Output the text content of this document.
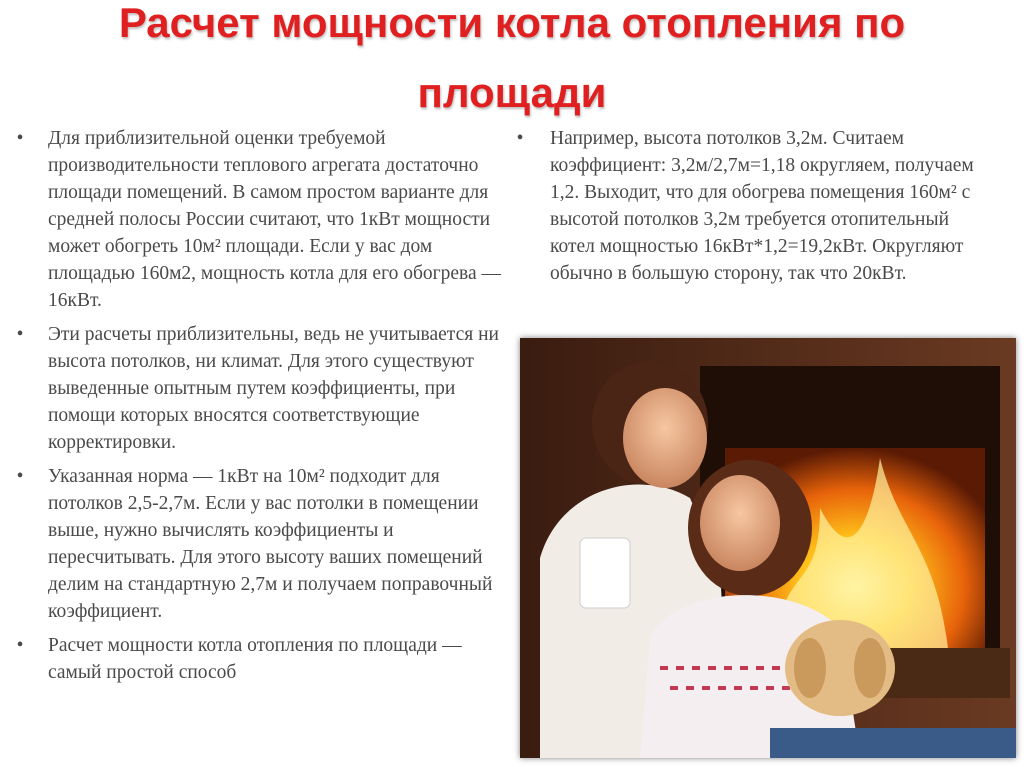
Расчет мощности котла отопления по
площади
•	Для приблизительной оценки требуемой производительности теплового агрегата достаточно площади помещений. В самом простом варианте для средней полосы России считают, что 1кВт мощности может обогреть 10м² площади. Если у вас дом площадью 160м2, мощность котла для его обогрева — 16кВт.
•	Эти расчеты приблизительны, ведь не учитывается ни высота потолков, ни климат. Для этого существуют выведенные опытным путем коэффициенты, при помощи которых вносятся соответствующие корректировки.
•	Указанная норма — 1кВт на 10м² подходит для потолков 2,5-2,7м. Если у вас потолки в помещении выше, нужно вычислять коэффициенты и пересчитывать. Для этого высоту ваших помещений делим на стандартную 2,7м и получаем поправочный коэффициент.
•	Расчет мощности котла отопления по площади — самый простой способ
•	Например, высота потолков 3,2м. Считаем коэффициент: 3,2м/2,7м=1,18 округляем, получаем 1,2. Выходит, что для обогрева помещения 160м² с высотой потолков 3,2м требуется отопительный котел мощностью 16кВт*1,2=19,2кВт. Округляют обычно в большую сторону, так что 20кВт.
